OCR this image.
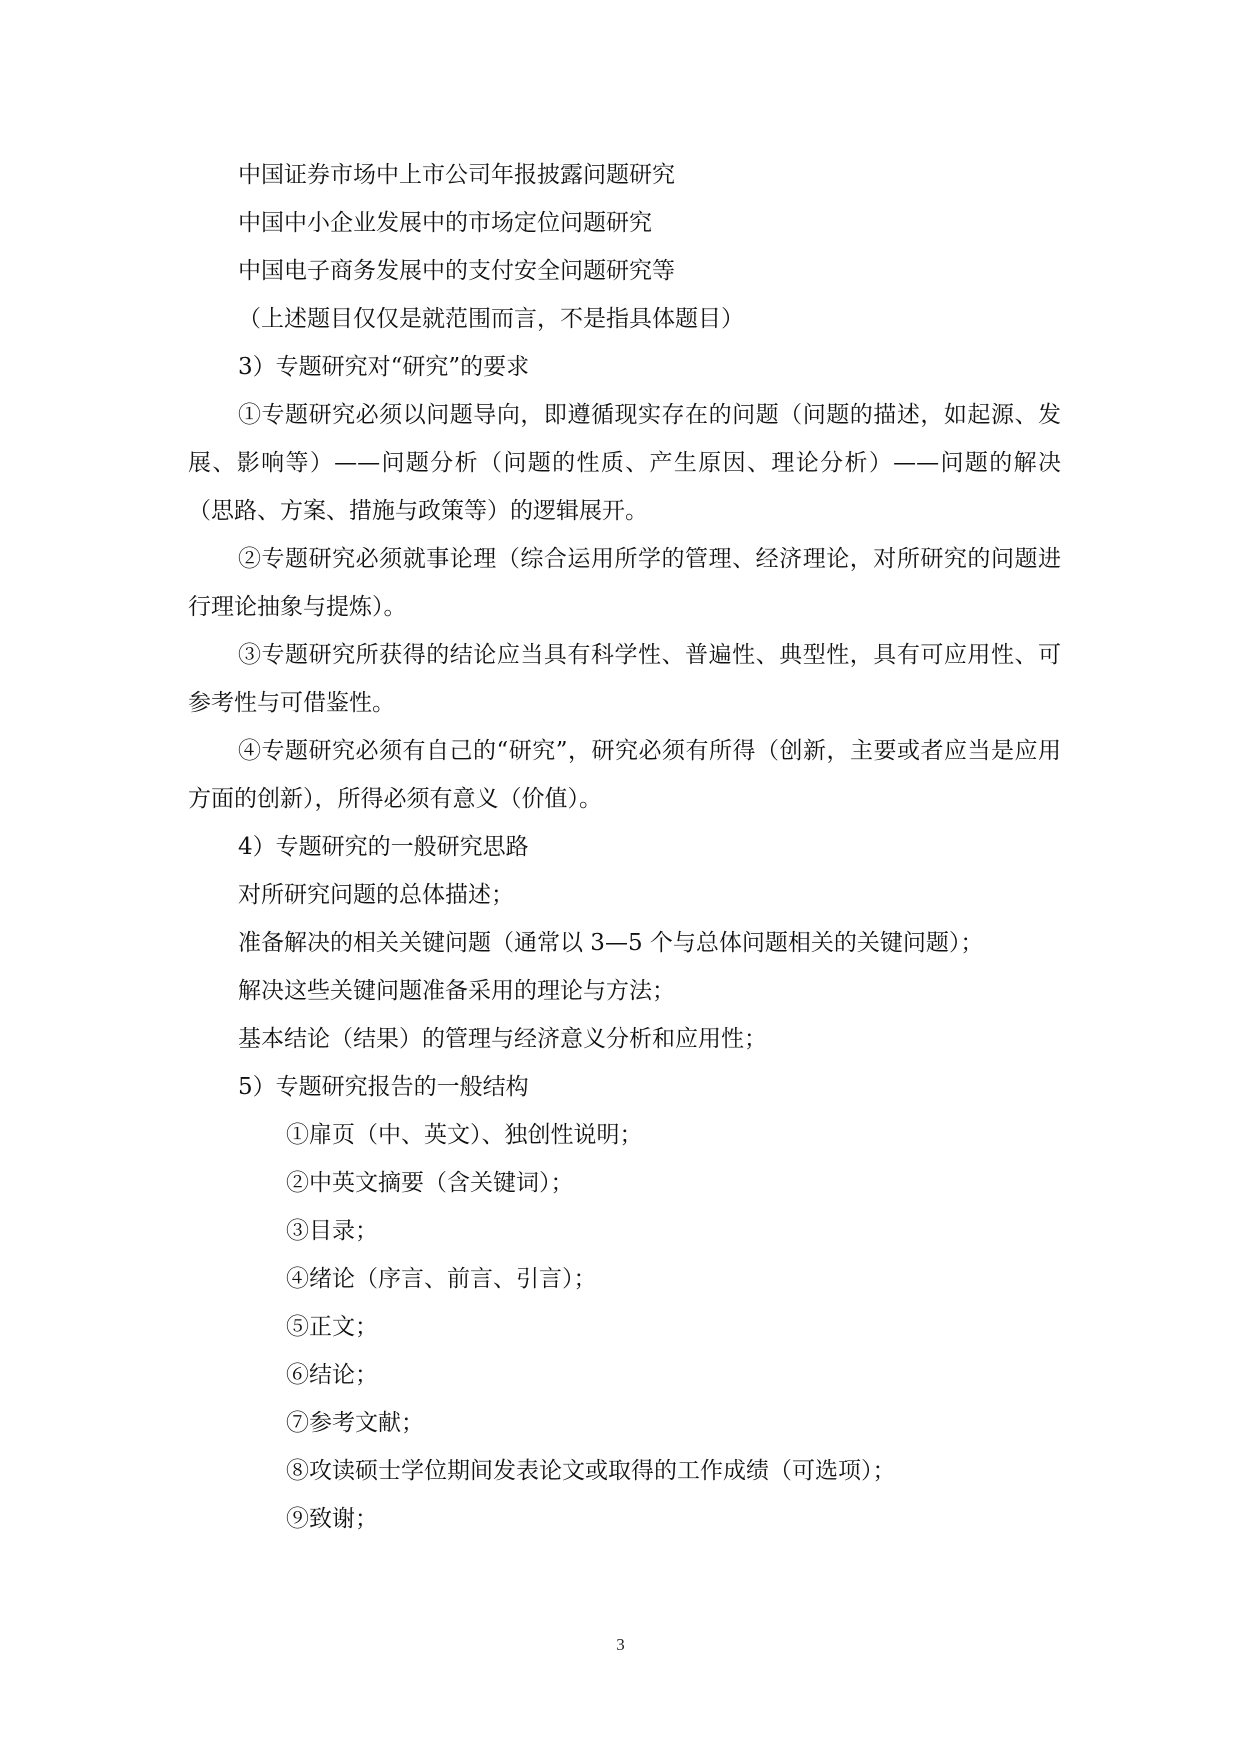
中国证券市场中上市公司年报披露问题研究

中国中小企业发展中的市场定位问题研究

中国电子商务发展中的支付安全问题研究等

（上述题目仅仅是就范围而言，不是指具体题目）

3）专题研究对“研究”的要求

①专题研究必须以问题导向，即遵循现实存在的问题（问题的描述，如起源、发展、影响等）——问题分析（问题的性质、产生原因、理论分析）——问题的解决（思路、方案、措施与政策等）的逻辑展开。

②专题研究必须就事论理（综合运用所学的管理、经济理论，对所研究的问题进行理论抽象与提炼）。

③专题研究所获得的结论应当具有科学性、普遍性、典型性，具有可应用性、可参考性与可借鉴性。

④专题研究必须有自己的“研究”，研究必须有所得（创新，主要或者应当是应用方面的创新），所得必须有意义（价值）。

4）专题研究的一般研究思路

对所研究问题的总体描述；

准备解决的相关关键问题（通常以 3—5 个与总体问题相关的关键问题）；

解决这些关键问题准备采用的理论与方法；

基本结论（结果）的管理与经济意义分析和应用性；

5）专题研究报告的一般结构

①扉页（中、英文）、独创性说明；

②中英文摘要（含关键词）；

③目录；

④绪论（序言、前言、引言）；

⑤正文；

⑥结论；

⑦参考文献；

⑧攻读硕士学位期间发表论文或取得的工作成绩（可选项）；

⑨致谢；

3
